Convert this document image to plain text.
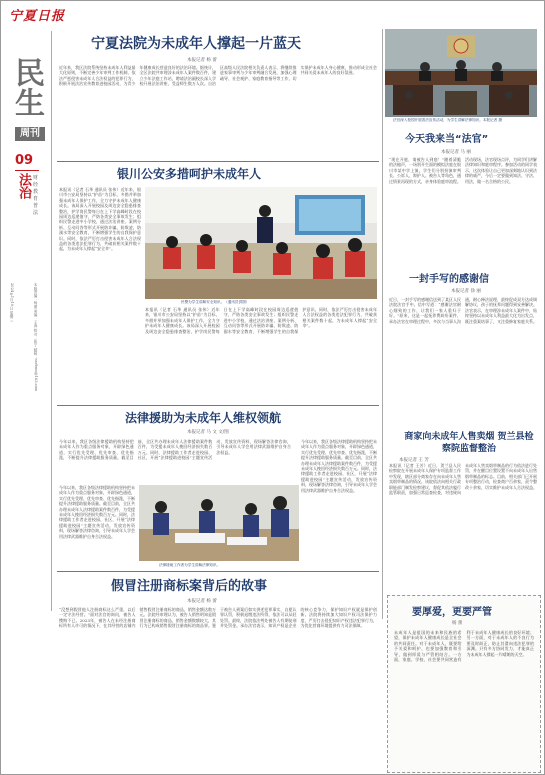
宁夏日报
民生
周刊
09
法治 财经
教育
普法
本版责编：杨蕾 美编：王涛 校对：张宁 邮箱：nxrbms@163.com
2024年1月10日 星期三
宁夏法院为未成年人撑起一片蓝天
本报记者 杨 蕾
近年来，我区法院系统坚持未成年人利益最大化原则，不断完善少年审判工作机制，依法严惩侵害未成年人合法权益的犯罪行为，积极开展法治宣传教育进校园活动，为青少年健康成长营造良好的法治环境。据统计，全区法院共审理涉未成年人案件数百件，建立少年法庭工作站，聘请法治副校长深入学校开展法治讲座，受益师生数万人次。自治区高级人民法院相关负责人表示，将继续推进家事审判与少年审判融合发展，加强心理疏导、社会观护、家庭教育指导等工作，切实保护未成年人身心健康，推动形成全社会共同关爱未成年人的良好氛围。
法官深入校园开展普法宣传活动，为学生讲解法律知识。本报记者 摄
今天我来当“法官”
本报记者 马 丽
“现在开庭，请被告人到庭！”随着清脆的法槌声，一场别开生面的模拟法庭在银川市某中学上演。学生们分别扮演审判长、公诉人、辩护人、被告人等角色，通过情景再现的方式，亲身体验庭审流程。活动现场，法官现场点评，为同学们讲解法律知识和庭审程序。参加活动的同学表示，这次体验让自己更加深刻地认识到法律的威严，今后一定要做到知法、守法、用法，做一名合格的公民。
银川公安多措呵护未成年人
本报讯（记者 石华 通讯员 张伟）近年来，银川市公安局坚持以“护苗”为目标，多措并举加强未成年人保护工作，全力守护未成年人健康成长。该局深入开展校园及周边安全隐患排查整治，护学岗民警每日在上下学高峰时段在校园周边巡逻值守，严防各类安全事故发生；组织民警走进中小学校，通过法治讲座、案例分析、互动问答等形式开展防诈骗、防欺凌、防溺水等安全教育，不断增强学生的自我保护意识。同时，依法严厉打击侵害未成年人合法权益的各类违法犯罪行为，共破获相关案件数十起，为未成年人撑起“安全伞”。
民警为学生讲解安全知识。（通讯员供图）
本报讯（记者 石华 通讯员 张伟）近年来，银川市公安局坚持以“护苗”为目标，多措并举加强未成年人保护工作，全力守护未成年人健康成长。该局深入开展校园及周边安全隐患排查整治，护学岗民警每日在上下学高峰时段在校园周边巡逻值守，严防各类安全事故发生；组织民警走进中小学校，通过法治讲座、案例分析、互动问答等形式开展防诈骗、防欺凌、防溺水等安全教育，不断增强学生的自我保护意识。同时，依法严厉打击侵害未成年人合法权益的各类违法犯罪行为，共破获相关案件数十起，为未成年人撑起“安全伞”。
一封手写的感谢信
本报记者 徐 丽
近日，一封手写的感谢信送到了某区人民法院法官手中。信中写道：“感谢法官耐心细致的工作，让我们一家人重归于好。”原来，这是一起抚养费纠纷案件，承办法官在审理过程中，多次与当事人沟通，耐心释法说理，最终促成双方达成调解协议，孩子的抚养问题得到妥善解决。法官表示，在审理涉未成年人案件中，始终坚持以未成年人利益最大化为出发点，既注重案结事了，又注重修复家庭关系。
法律援助为未成年人维权领航
本报记者 马 文 文/图
今年以来，我区各级法律援助机构坚持把未成年人作为重点服务对象，开辟绿色通道，实行优先受理、优先审查、优先指派，不断提升法律援助服务质量。截至目前，全区共办理未成年人法律援助案件数百件，为受援未成年人挽回经济损失数百万元。同时，法律援助工作者走进校园、社区，开展“法律援助进校园”主题宣传活动，发放宣传资料，现场解答法律咨询，引导未成年人学会用法律武器维护自身合法权益。
今年以来，我区各级法律援助机构坚持把未成年人作为重点服务对象，开辟绿色通道，实行优先受理、优先审查、优先指派，不断提升法律援助服务质量。截至目前，全区共办理未成年人法律援助案件数百件，为受援未成年人挽回经济损失数百万元。同时，法律援助工作者走进校园、社区，开展“法律援助进校园”主题宣传活动，发放宣传资料，现场解答法律咨询，引导未成年人学会用法律武器维护自身合法权益。
今年以来，我区各级法律援助机构坚持把未成年人作为重点服务对象，开辟绿色通道，实行优先受理、优先审查、优先指派，不断提升法律援助服务质量。截至目前，全区共办理未成年人法律援助案件数百件，为受援未成年人挽回经济损失数百万元。同时，法律援助工作者走进校园、社区，开展“法律援助进校园”主题宣传活动，发放宣传资料，现场解答法律咨询，引导未成年人学会用法律武器维护自身合法权益。
法律援助工作者为学生讲解法律知识。
商家向未成年人售卖烟 贺兰县检察院监督整治
本报记者 王 芳
本报讯（记者 王芳）近日，贺兰县人民检察院在开展未成年人保护专项监督工作中发现，辖区部分商家存在向未成年人售卖烟草制品的情况。该院依法向相关行政职能部门制发检察建议，督促其依法履行监管职责，加强日常巡查检查，对违规向未成年人售卖烟草制品的行为依法进行处罚，并在醒目位置设置不向未成年人出售烟草制品的标志。目前，相关部门已开展专项整治行动，检查商户百余家，责令整改十余家，切实维护未成年人合法权益。
假冒注册商标案背后的故事
本报记者 杨 蕾
“没想到假冒他人注册商标这么严重，以后一定守法经营。”面对法官的询问，被告人懊悔不已。2023年，被告人在未经注册商标所有人许可的情况下，在其经营的店铺内销售假冒注册商标的商品，销售金额达数万元。法院经审理认为，被告人销售明知是假冒注册商标的商品，销售金额数额较大，其行为已构成销售假冒注册商标的商品罪。鉴于被告人到案后如实供述犯罪事实，自愿认罪认罚，积极退缴违法所得，依法可以从轻处罚。最终，法院依法判处被告人有期徒刑并处罚金。承办法官表示，知识产权是企业的核心竞争力，保护知识产权就是保护创新。法院将持续加大知识产权司法保护力度，严厉打击侵犯知识产权违法犯罪行为，为优化营商环境提供有力司法保障。
要厚爱，更要严管
杨 蕾
未成年人是祖国的未来和民族的希望，保护未成年人健康成长是全社会的共同责任。对于未成年人，既要给予关爱和呵护，也要加强教育和引导，做到厚爱与严管相结合。一方面，家庭、学校、社会要共同营造有利于未成年人健康成长的良好环境；另一方面，对于未成年人的不良行为要及时纠正，防止其滑向违法犯罪的深渊。只有多方协同发力，才能真正为未成年人撑起一片晴朗的天空。
